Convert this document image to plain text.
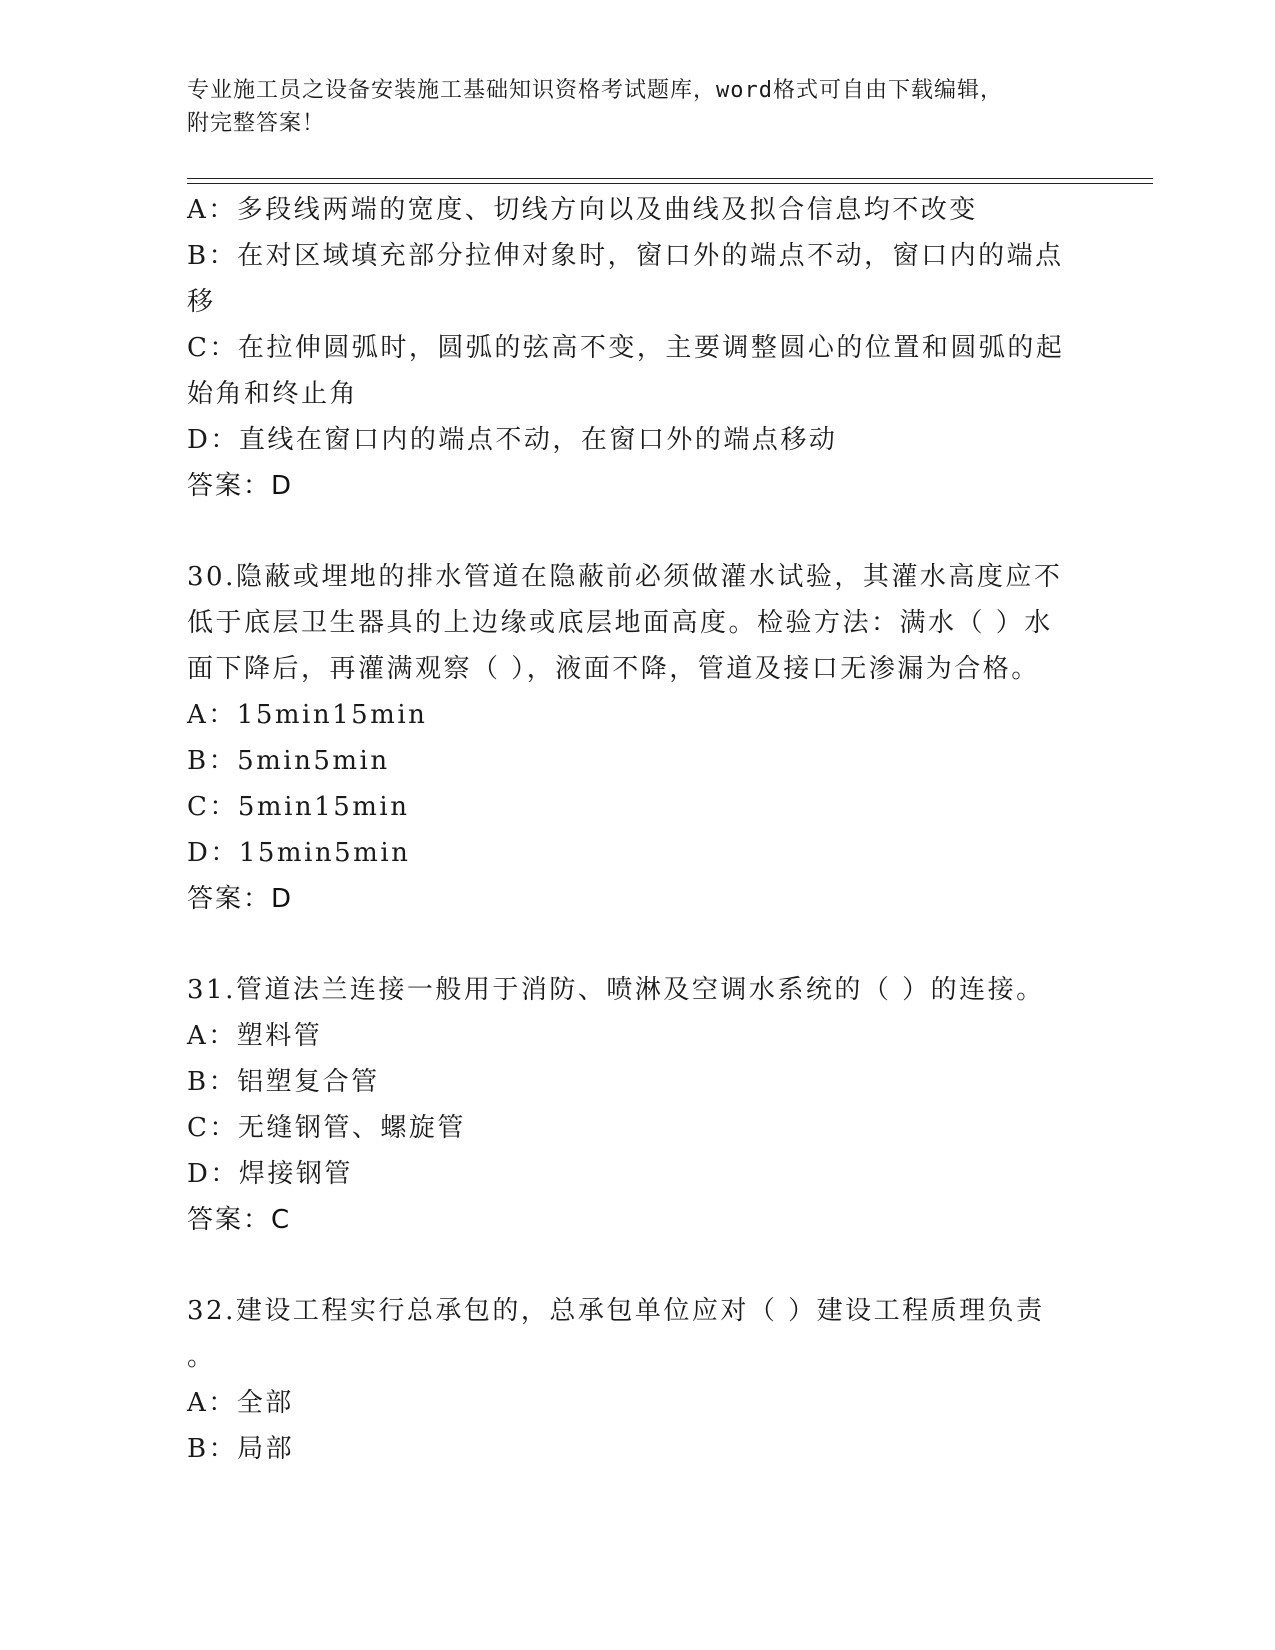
专业施工员之设备安装施工基础知识资格考试题库，word格式可自由下载编辑，
附完整答案！
A：多段线两端的宽度、切线方向以及曲线及拟合信息均不改变
B：在对区域填充部分拉伸对象时，窗口外的端点不动，窗口内的端点
移
C：在拉伸圆弧时，圆弧的弦高不变，主要调整圆心的位置和圆弧的起
始角和终止角
D：直线在窗口内的端点不动，在窗口外的端点移动
答案：D
30.隐蔽或埋地的排水管道在隐蔽前必须做灌水试验，其灌水高度应不
低于底层卫生器具的上边缘或底层地面高度。检验方法：满水（ ）水
面下降后，再灌满观察（ ），液面不降，管道及接口无渗漏为合格。
A：15min15min
B：5min5min
C：5min15min
D：15min5min
答案：D
31.管道法兰连接一般用于消防、喷淋及空调水系统的（ ）的连接。
A：塑料管
B：铝塑复合管
C：无缝钢管、螺旋管
D：焊接钢管
答案：C
32.建设工程实行总承包的，总承包单位应对（ ）建设工程质理负责
。
A：全部
B：局部
